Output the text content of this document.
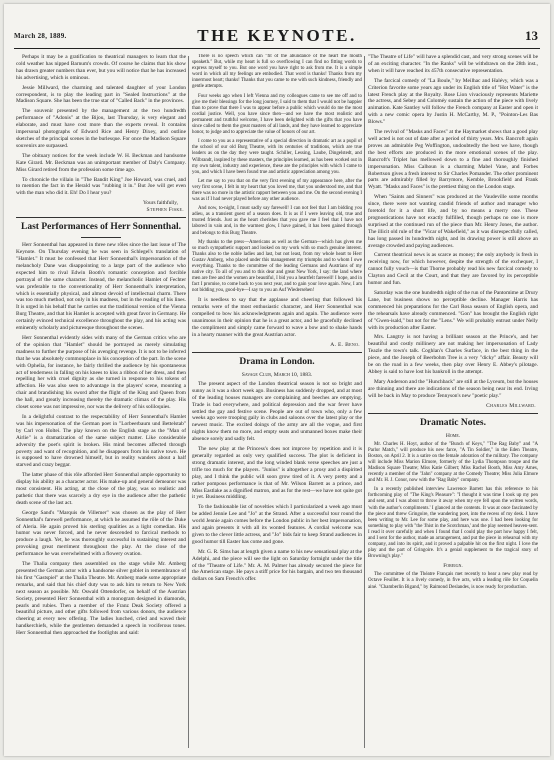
March 28, 1889.	THE KEYNOTE.	13

Perhaps it may be a gratification to theatrical managers to learn that the cold weather has nipped Barnum's crowds. Of course he claims that his show has drawn greater numbers than ever, but you will notice that he has increased his advertising, which is ominous.

Jessie Millward, the charming and talented daughter of your London correspondent, is to play the leading part in "Sealed Instructions" at the Madison Square. She has been the true star of "Called Back" in the provinces.

The souvenir presented by the management at the two hundredth performance of "Adonis" at the Bijou, last Thursday, is very elegant and elaborate, and must have cost more than the experts reveal. It contains impersonal photographs of Edward Rice and Henry Dixey, and outline sketches of the principal scenes in the burlesque. For once the Madison Square souvenirs are surpassed.

The obituary notices for the week include W. H. Beckman and handsome Kate Girard. Mr. Beckman was an unimportant member of Daly's Company. Miss Girard retired from the profession some time ago.

To chronicle the villain in "The Bandit King" Joe Howard, was cruel, and to mention the fact in the Herald was "rubbing it in." But Joe will get even with the man who did it. Eh! Do I hear you?

Yours faithfully,
Stephen Fiske.
Last Performances of Herr Sonnenthal.

Herr Sonnenthal has appeared in three new rôles since the last issue of The Keynote. On Thursday evening he was seen in Schlegel's translation of "Hamlet." It must be confessed that Herr Sonnenthal's impersonation of the melancholy Dane was disappointing to a large part of the audience who expected him to rival Edwin Booth's romantic conception and forcible portrayal of the same character. Instead, the melancholic Hamlet of Fechter was preferable to the conventionality of Herr Sonnenthal's interpretation, which is essentially physical, and almost devoid of intellectual charm. There was too much method, not only in his madness, but in the reading of his lines. It is urged in his behalf that he carries out the traditional version of the Vienna Burg Theatre, and that his Hamlet is accepted with great favor in Germany. He certainly evinced technical excellence throughout the play, and his acting was eminently scholarly and picturesque throughout the scenes.

Herr Sonnenthal evidently sides with many of the German critics who are of the opinion that "Hamlet" should be portrayed as merely simulating madness to further the purpose of his avenging revenge. It is not to be inferred that he was absolutely commonplace in his conception of the part. In the scene with Ophelia, for instance, he fairly thrilled the audience by his spontaneous act of tenderness in falling on his knees to kiss a ribbon of her dress, and then repelling her with cruel dignity as she turned in response to his tokens of affection. He was also seen to advantage in the players' scene, mounting a chair and brandishing his sword after the flight of the King and Queen from the hall, and greatly increasing thereby the dramatic climax of the play. His closet scene was not impressive, nor was the delivery of his soliloquies.

In a delightful contrast to the respectability of Herr Sonnenthal's Hamlet was his impersonation of the German poet in "Lorbeerbaum und Bettelstab" by Carl von Holtei. The play known on the English stage as the "Man of Airlie" is a dramatization of the same subject matter. Like considerable adversity the poet's spirit is broken. His mind becomes affected through poverty and want of recognition, and he disappears from his native town. He is supposed to have drowned himself, but in reality wanders about a half starved and crazy beggar.

The latter phase of this rôle afforded Herr Sonnenthal ample opportunity to display his ability as a character actor. His make-up and general demeanor was most consistent. His acting, at the close of the play, was so realistic and pathetic that there was scarcely a dry eye in the audience after the pathetic death scene of the last act.

George Sand's "Marquis de Villemer" was chosen as the play of Herr Sonnenthal's farewell performance, at which he assumed the rôle of the Duke of Aleria. He again proved his sterling qualities as a light comedian. His humor was never forced, and he never descended to farcical methods to produce a laugh. Yet, he was thoroughly successful in sustaining interest and provoking great merriment throughout the play. At the close of the performance he was overwhelmed with a flowery ovation.

The Thalia company then assembled on the stage while Mr. Amberg presented the German actor with a handsome silver goblet in remembrance of his first "Gastspiel" at the Thalia Theatre. Mr. Amberg made some appropriate remarks, and said that his chief duty was to ask him to return to New York next season as possible. Mr. Oswald Ottendorfer, on behalf of the Austrian Society, presented Herr Sonnenthal with a monogram designed in diamonds, pearls and rubies. Then a member of the Franz Deak Society offered a beautiful picture, and other gifts followed from various donors, the audience cheering at every new offering. The ladies lunched, cried and waved their handkerchiefs, while the gentlemen demanded a speech in vociferous tones. Herr Sonnenthal then approached the footlights and said:

There is no speech which can "fit of the abundance of the heart the mouth speaketh." But, while my heart is full so overflowing I can find no fitting words to express myself to you. But one word you have right to ask from me. It is a simple word in which all my feelings are embodied. That word is thanks! Thanks from my innermost heart; thanks! Thanks that you came to me with such kindness, friendly and gentle attempts.

Four weeks ago when I left Vienna and my colleagues came to see me off and to give me their blessings for the long journey, I said to them that I would not be happier than to prove that there I was to appear before a public which would do me the most cordial justice. Well, you have since then—and we have the most realistic and permanent and truthful welcome, I have been delighted with the gifts that you have since called to them the great masters of all lands, and they have learned to appreciate honor, to judge and to appreciate the value of honors of our art.

I come to you as a representative of a special direction in dramatic art as a pupil of the school of our old Burg Theatre, with its centuries of traditions, which are true leaders as on the day they were taught. Schiller, Lessing, Laube, Dingelstedt, and Wilbrandt, inspired by these masters, the principles learned, as has been worked out in my own talent, industry and experience, these are the principles with which I came to you, and which I have been found true and artistic appreciation among you.

Let me say to you that on the very first evening of my appearance here, after the very first scene, I felt in my heart that you loved me, that you understood me, and that there was no more in the artistic rapport between you and me. On the second evening I was as if I had never played before any other audience.

And now, to-night, I must sadly say farewell! I can not feel that I am bidding you adieu, as a transient guest of a season does. It is as if I were leaving old, true and trusted friends. Just as the heart cherishes that you gave me I feel that I have not labored in vain and, in the warmest glow, I have gained, it has been gained through and belongs to this Burg Theatre.

My thanks to the press—Americans as well as the German—which has given me so much sympathetic support and looked on my work with so much genuine interest. Thanks also to the noble ladies and last, but not least, from my whole heart to Herr Gustav Amberg, who placed under this management my triumphs and to whom I owe everything. Thanks to the committee of the leading Germans and Austrians of my native city. To all of you and to this dear and great New York, I say: the land where men are free and the women are beautiful, I bid you a heartfelt farewell! I hope, and in fact I promise, to come back to you next year, and to gain your love again. Now, I am not bidding you, good-bye—I say to you an Auf Wiedersehen!

It is needless to say that the applause and cheering that followed his remarks were of the most enthusiastic character, and Herr Sonnenthal was compelled to bow his acknowledgments again and again. The audience were unanimous in their opinion that he is a great actor, and he gracefully declined the compliment and simply came forward to wave a bow and to shake hands in a hearty manner with the great Austrian actor.

A. E. Beno.
Drama in London.
Savage Club, March 10, 1883.

The present aspect of the London theatrical season is not so bright and sunny as it was a short week ago. Business has suddenly dropped, and at most of the leading houses managers are complaining and beeches are emptying. Trade is bad everywhere, and political depression and the war fever have settled the gay and festive scene. People are out of town who, only a few weeks ago were trooping gaily in clubs and saloons over the latest play or the newest music. The excited doings of the army are all the vogue, and first nights know them no more, and empty seats and unmanned boxes make their absence sorely and sadly felt.

The new play at the Princess's does not improve by repetition and it is generally regarded as only very qualified success. The plot is deficient in strong dramatic interest, and the long winded blank verse speeches are just a trifle too much for the players. "Junius" is altogether a prosy and a dispirited play, and I think the public will soon grow tired of it. A very pretty and a rather pompous performance is that of Mr. Wilson Barrett as a prince, and Miss Eastlake as a dignified matron, and as for the rest—we have not quite got it yet. Business middling.

To the fashionable list of novelties which I particularized a week ago must be added Jennie Lee and "Jo" at the Strand. After a successful tour round the world Jennie again comes before the London public in her best impersonation, and again presents it with all its wonted features. A cordial welcome was given to the clever little actress, and "Jo" bids fair to keep Strand audiences in good humor till Easter has come and gone.

Mr. G. R. Sims has at length given a name to his new sensational play at the Adelphi, and the piece will see the light on Saturday fortnight under the title of the "Theatre of Life." Mr. A. M. Palmer has already secured the piece for the American stage. He pays a stiff price for his bargain, and two ten thousand dollars on Sam French's offer.

"The Theatre of Life" will have a splendid cast, and very strong scenes will be of an exciting character. "In the Ranks" will be withdrawn on the 28th inst., when it will have reached its 457th consecutive representation.

The farcical comedy of "La Boule," by Meilhac and Halévy, which was a Criterion favorite some years ago under its English title of "Hot Water" is the latest French play at the Royalty. Rose Lion vivaciously represents Mariette the actress, and Sebey and Coloméy sustain the action of the piece with lively animation. Kate Santley will follow the French company at Easter and open it with a new comic opera by Justin H. McCarthy, M. P., "Pointon-Les Bas Blows."

The revival of "Masks and Faces" at the Haymarket shows that a good play well acted is not out of date after a period of thirty years. Mrs. Bancroft again proves an admirable Peg Woffington, undoubtedly the best we have, though the best efforts are produced in the more emotional scenes of the play. Bancroft's Triplet has mellowed down to a fine and thoroughly finished impersonation. Miss Calhoun is a charming Mabel Vane, and Forbes Robertson gives a fresh interest to Sir Charles Pomander. The other prominent parts are admirably filled by Barrymore, Kemble, Brookfield and Frank Wyatt. "Masks and Faces" is the prettiest thing on the London stage.

When "Saints and Sinners" was produced at the Vaudeville some months since, there were not wanting candid friends of author and manager who foretold for it a short life, and by no means a merry one. These prognostications have not exactly fulfilled, though perhaps no one is more surprised at the continued run of the piece than Mr. Henry Jones, the author. The illicit old rule of the "Vicar of Wakefield," as it was disrespectfully called, has long passed its hundredth night, and its drawing power is still above an average crowded and paying audiences.

Current theatrical news is as scarce as money; the only anybody is fresh in receiving now, for which however, despite the strength of the exchequer, I cannot fully vouch—is that Thorne probably read his new farcical comedy to Clayton and Cecil at the Court, and that they are favored by its perceptible humor and fun.

Saturday was the one hundredth night of the run of the Pantomime at Drury Lane, but business shows no perceptible decline. Manager Harris has commenced his preparations for the Carl Rosa season of English opera, and the rehearsals have already commenced. "Gon" has brought the English right of "Gwen-isald," but not for the "Lens." We will probably entrust under Nelly with its production after Easter.

Mrs. Langtry is not having a brilliant season at the Prince's, and her beautiful and costly millinery are not making her impersonation of Lady Teazle the town's talk. Coghlan's Charles Surface, in the best thing in the piece, and the Joseph of Beerbohm Tree is a very "dicky" affair. Beauty will be on the road in a few weeks, then play over Henry E. Abbey's pilotage. Abbey is said to have lost his bankroll in the attempt.

Mary Anderson and the "Hunchback" are still at the Lyceum, but the houses are thinning and there are indications of the season being near its end. Irving will be back in May to produce Tennyson's new "poetic play."

Charles Millward.
Dramatic Notes.
Home.

Mr. Charles H. Hoyt, author of the "Bunch of Keys," "The Rag Baby" and "A Parlor Match," will produce his new farce, "A Tin Soldier," in the Eden Theatre, Boston, on April 2. It is a satire on the female adoration of the military. The company will include Miss Marion Elmore, formerly of the Lydia Thompson troupe and the Madison Square Theatre; Miss Katie Gilbert; Miss Rachel Booth, Miss Amy Ames, recently a member of the "Jahn" company at the Comedy Theatre; Miss Julia Elmore and Mr. H. J. Conor, now with the "Rag Baby" company.

In a recently published interview Lawrence Barrett has this reference to his forthcoming play of "The King's Pleasure": "I thought it was time I took up my pen and sent, and I was about to throw it away when my eye fell upon the written words, 'with the author's compliments.' I glanced at the contents. It was at once fascinated by the piece and threw Gringoire, the wandering poet, into the recess of my desk. I have been writing to Mr. Lee for some play, and here was one. I had been looking for something to play with "the 'Jhist in the Scotchman,' and the play seemed heaven-sent. I read it over carefully and when I found that I could play the part how happy I felt, and I sent for the author, made an arrangement, and put the piece in rehearsal with my company, and into its spirit, and it proved a palpable hit on the first night. I love the play and the part of Gringoire. It's a genial supplement to the tragical story of Browning's play."

Foreign.

The committee of the Théatre Français met recently to hear a new play read by Octave Feuillet. It is a lively comedy, in five acts, with a leading rôle for Coquelin ainé. "Chamberlin Bigand," by Raimond Deslandes, is now ready for production.
